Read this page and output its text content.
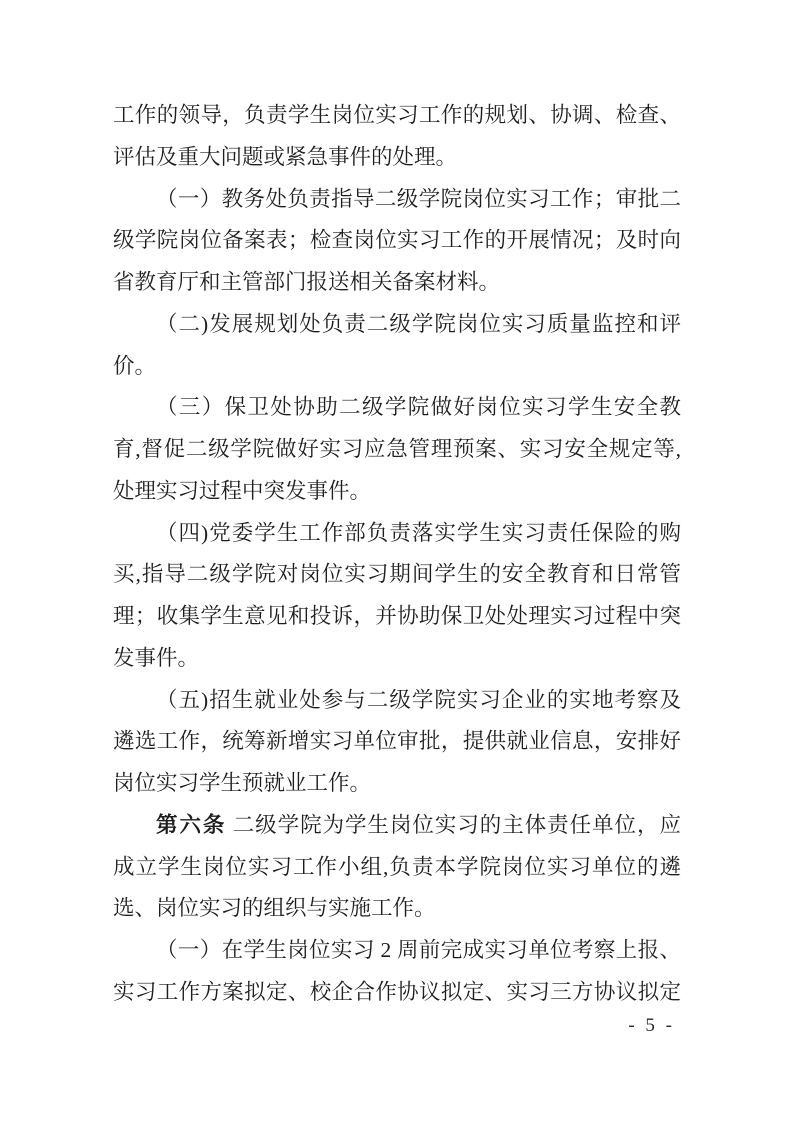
工作的领导，负责学生岗位实习工作的规划、协调、检查、
评估及重大问题或紧急事件的处理。

（一）教务处负责指导二级学院岗位实习工作；审批二
级学院岗位备案表；检查岗位实习工作的开展情况；及时向
省教育厅和主管部门报送相关备案材料。

（二)发展规划处负责二级学院岗位实习质量监控和评
价。

（三）保卫处协助二级学院做好岗位实习学生安全教
育,督促二级学院做好实习应急管理预案、实习安全规定等,
处理实习过程中突发事件。

（四)党委学生工作部负责落实学生实习责任保险的购
买,指导二级学院对岗位实习期间学生的安全教育和日常管
理；收集学生意见和投诉，并协助保卫处处理实习过程中突
发事件。

（五)招生就业处参与二级学院实习企业的实地考察及
遴选工作，统筹新增实习单位审批，提供就业信息，安排好
岗位实习学生预就业工作。

第六条 二级学院为学生岗位实习的主体责任单位，应
成立学生岗位实习工作小组,负责本学院岗位实习单位的遴
选、岗位实习的组织与实施工作。

（一）在学生岗位实习 2 周前完成实习单位考察上报、
实习工作方案拟定、校企合作协议拟定、实习三方协议拟定

- 5 -
